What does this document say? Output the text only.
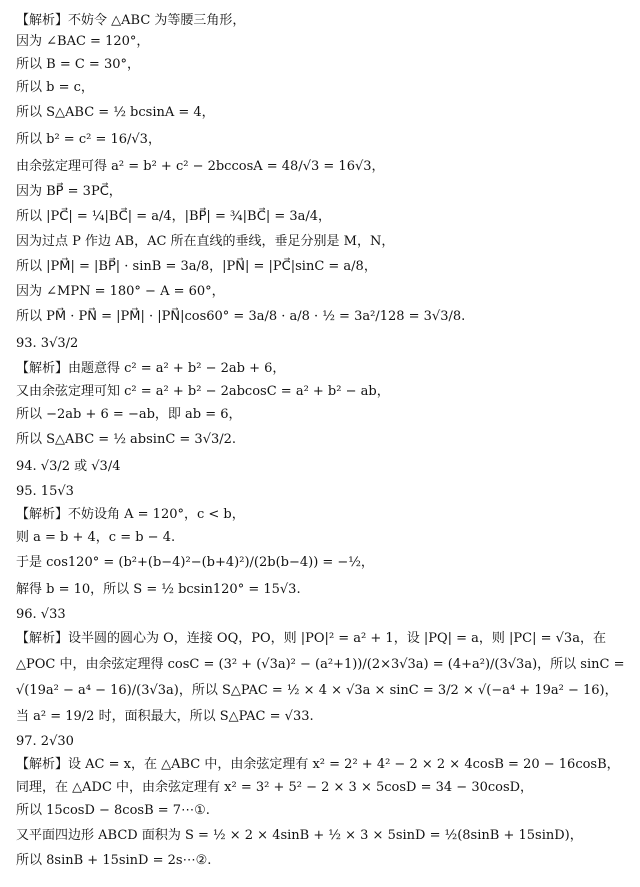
【解析】不妨令 △ABC 为等腰三角形，
因为 ∠BAC = 120°，
所以 B = C = 30°，
所以 b = c，
所以 S△ABC = ½ bcsinA = 4，
所以 b² = c² = 16/√3，
由余弦定理可得 a² = b² + c² − 2bccosA = 48/√3 = 16√3，
因为 BP⃗ = 3PC⃗，
所以 |PC⃗| = ¼|BC⃗| = a/4，|BP⃗| = ¾|BC⃗| = 3a/4，
因为过点 P 作边 AB，AC 所在直线的垂线，垂足分别是 M，N，
所以 |PM⃗| = |BP⃗| · sinB = 3a/8，|PN⃗| = |PC⃗|sinC = a/8，
因为 ∠MPN = 180° − A = 60°，
所以 PM⃗ · PN⃗ = |PM⃗| · |PN⃗|cos60° = 3a/8 · a/8 · ½ = 3a²/128 = 3√3/8.
93. 3√3/2
【解析】由题意得 c² = a² + b² − 2ab + 6，
又由余弦定理可知 c² = a² + b² − 2abcosC = a² + b² − ab，
所以 −2ab + 6 = −ab，即 ab = 6，
所以 S△ABC = ½ absinC = 3√3/2.
94. √3/2 或 √3/4
95. 15√3
【解析】不妨设角 A = 120°，c < b，
则 a = b + 4，c = b − 4.
于是 cos120° = (b²+(b−4)²−(b+4)²)/(2b(b−4)) = −½，
解得 b = 10，所以 S = ½ bcsin120° = 15√3.
96. √33
【解析】设半圆的圆心为 O，连接 OQ，PO，则 |PO|² = a² + 1，设 |PQ| = a，则 |PC| = √3a，在 △POC 中，由余弦定理得 cosC = (3² + (√3a)² − (a²+1))/(2×3√3a) = (4+a²)/(3√3a)，所以 sinC = √(19a² − a⁴ − 16)/(3√3a)，所以 S△PAC = ½ × 4 × √3a × sinC = 3/2 × √(−a⁴ + 19a² − 16)，当 a² = 19/2 时，面积最大，所以 S△PAC = √33.
97. 2√30
【解析】设 AC = x，在 △ABC 中，由余弦定理有 x² = 2² + 4² − 2 × 2 × 4cosB = 20 − 16cosB，
同理，在 △ADC 中，由余弦定理有 x² = 3² + 5² − 2 × 3 × 5cosD = 34 − 30cosD，
所以 15cosD − 8cosB = 7⋯①.
又平面四边形 ABCD 面积为 S = ½ × 2 × 4sinB + ½ × 3 × 5sinD = ½(8sinB + 15sinD)，
所以 8sinB + 15sinD = 2s⋯②.
